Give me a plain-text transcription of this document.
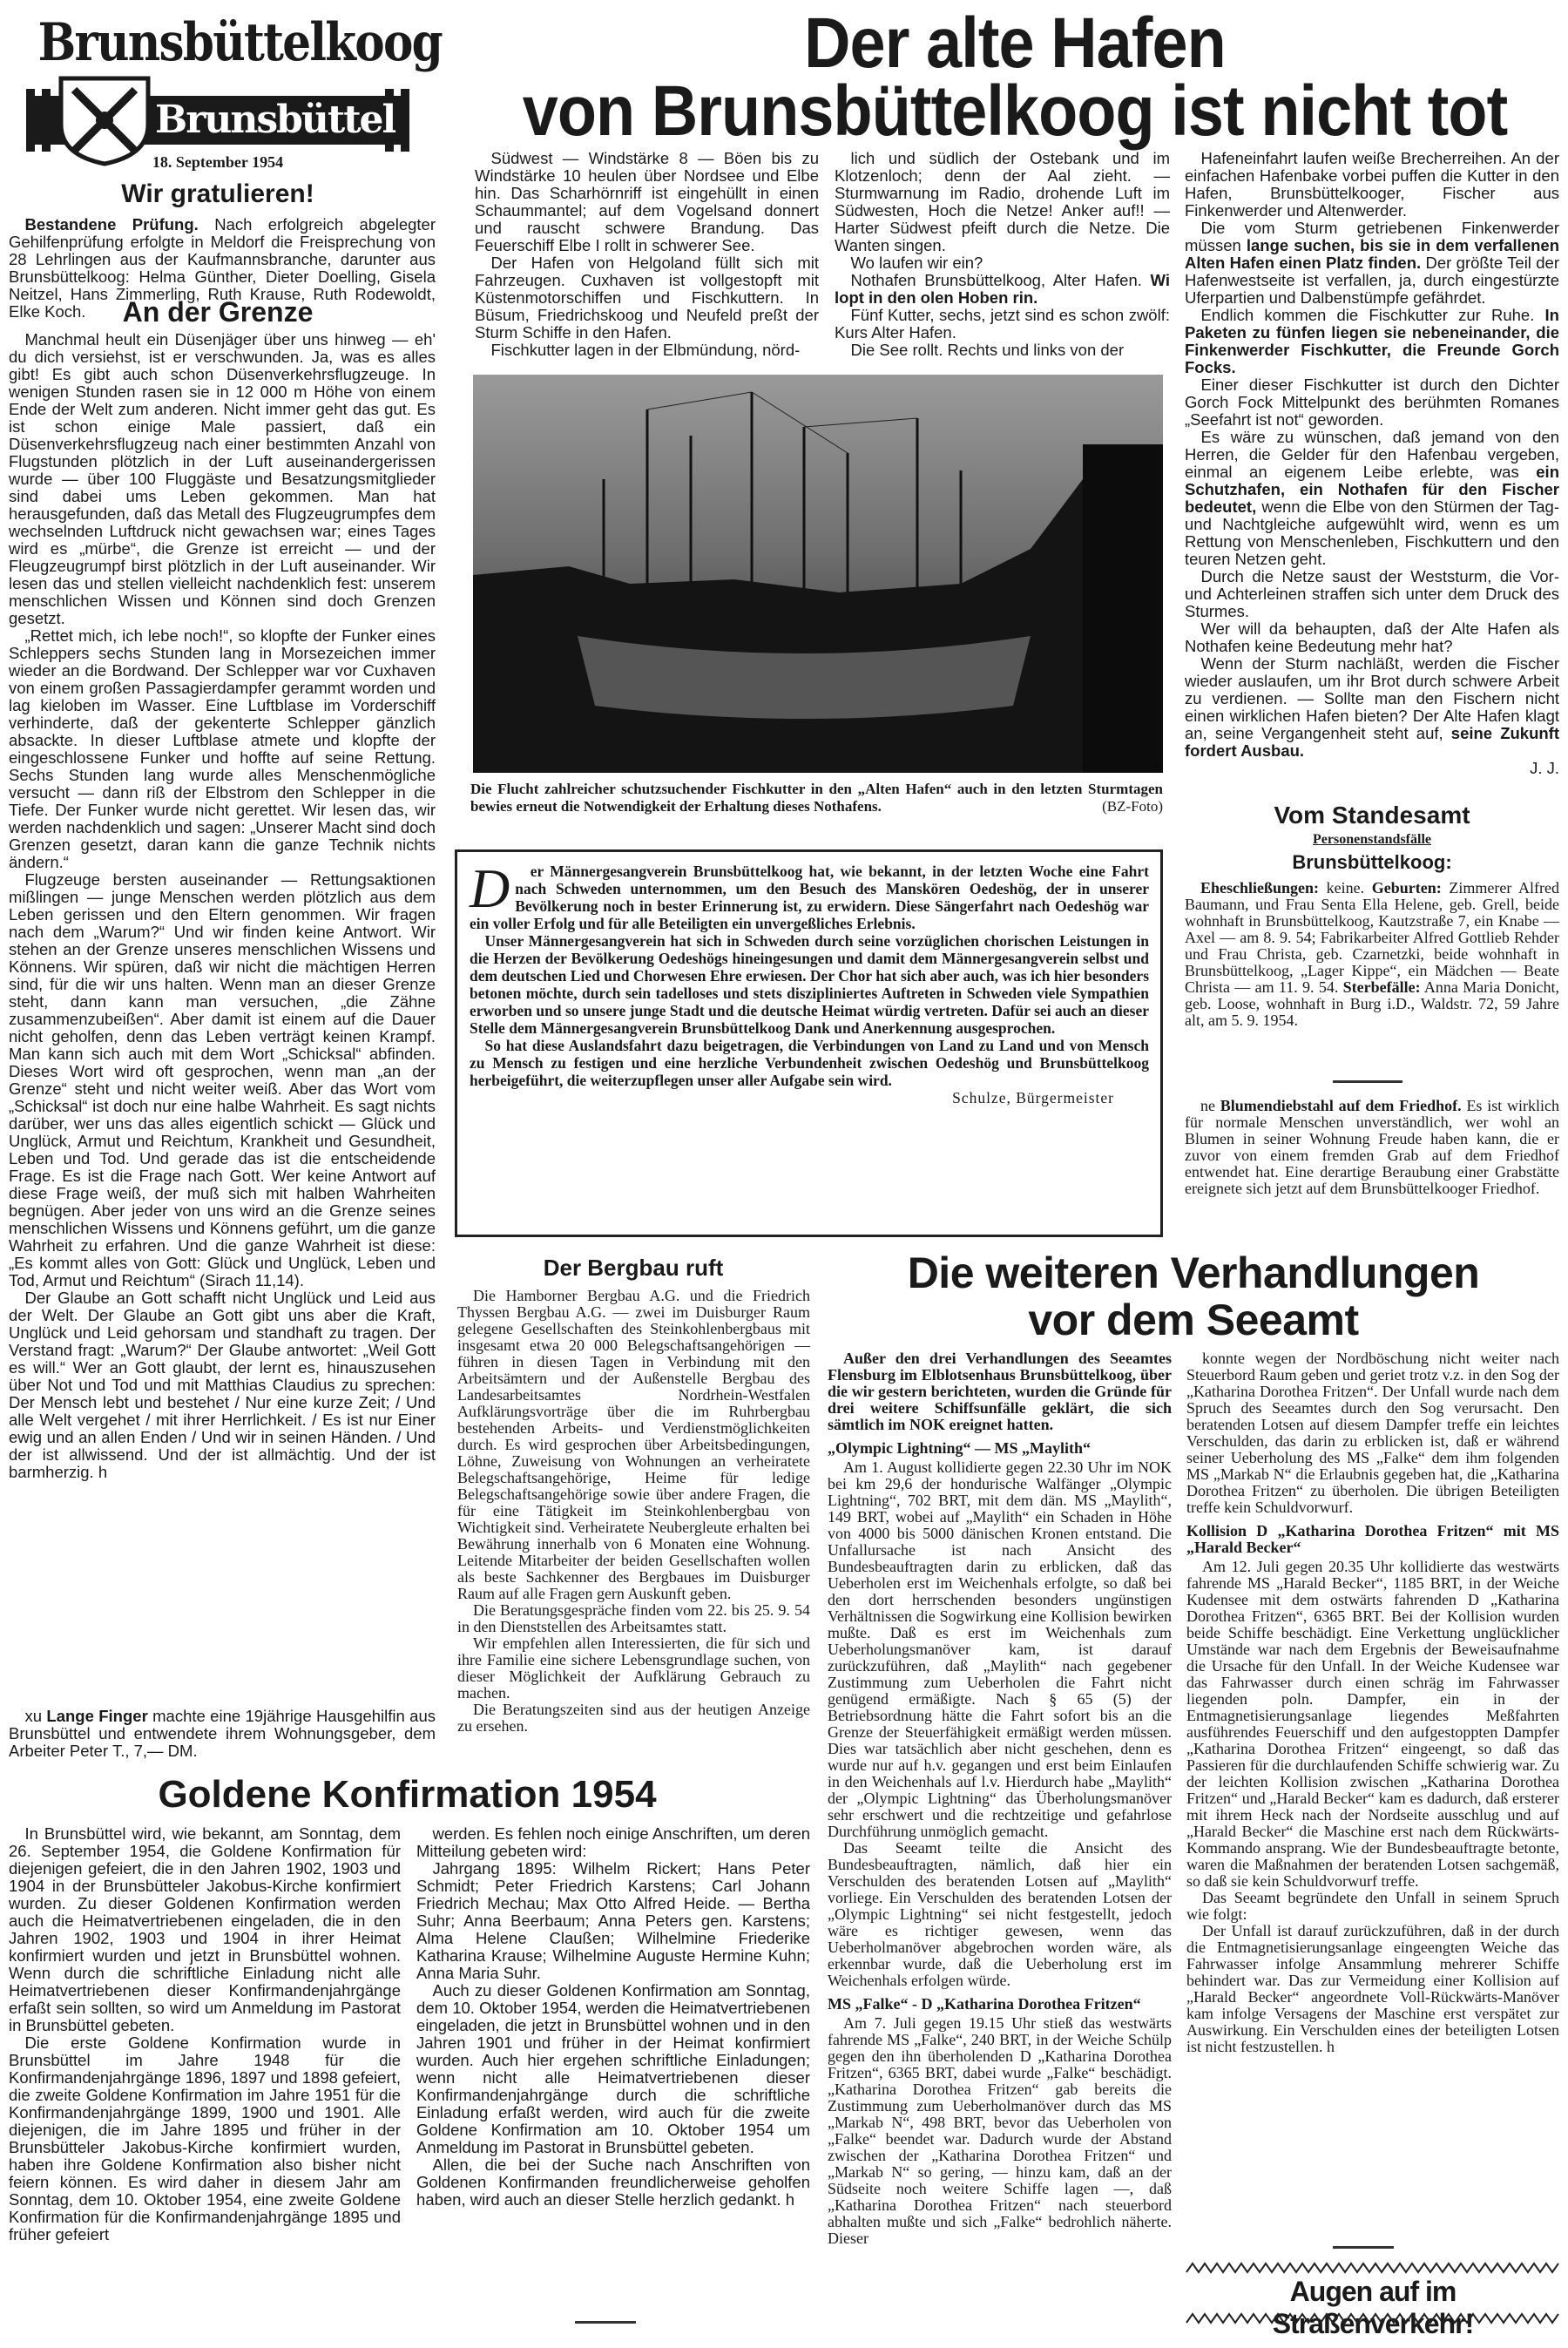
Brunsbüttelkoog
Brunsbüttel
18. September 1954
Wir gratulieren!

Bestandene Prüfung. Nach erfolgreich abgelegter Gehilfenprüfung erfolgte in Meldorf die Freisprechung von 28 Lehrlingen aus der Kaufmannsbranche, darunter aus Brunsbüttelkoog: Helma Günther, Dieter Doelling, Gisela Neitzel, Hans Zimmerling, Ruth Krause, Ruth Rodewoldt, Elke Koch.	An der Grenze

Manchmal heult ein Düsenjäger über uns hinweg — eh' du dich versiehst, ist er verschwunden. Ja, was es alles gibt! Es gibt auch schon Düsenverkehrsflugzeuge. In wenigen Stunden rasen sie in 12 000 m Höhe von einem Ende der Welt zum anderen. Nicht immer geht das gut. Es ist schon einige Male passiert, daß ein Düsenverkehrsflugzeug nach einer bestimmten Anzahl von Flugstunden plötzlich in der Luft auseinandergerissen wurde — über 100 Fluggäste und Besatzungsmitglieder sind dabei ums Leben gekommen. Man hat herausgefunden, daß das Metall des Flugzeugrumpfes dem wechselnden Luftdruck nicht gewachsen war; eines Tages wird es „mürbe“, die Grenze ist erreicht — und der Fleugzeugrumpf birst plötzlich in der Luft auseinander. Wir lesen das und stellen vielleicht nachdenklich fest: unserem menschlichen Wissen und Können sind doch Grenzen gesetzt.

„Rettet mich, ich lebe noch!“, so klopfte der Funker eines Schleppers sechs Stunden lang in Morsezeichen immer wieder an die Bordwand. Der Schlepper war vor Cuxhaven von einem großen Passagierdampfer gerammt worden und lag kieloben im Wasser. Eine Luftblase im Vorderschiff verhinderte, daß der gekenterte Schlepper gänzlich absackte. In dieser Luftblase atmete und klopfte der eingeschlossene Funker und hoffte auf seine Rettung. Sechs Stunden lang wurde alles Menschenmögliche versucht — dann riß der Elbstrom den Schlepper in die Tiefe. Der Funker wurde nicht gerettet. Wir lesen das, wir werden nachdenklich und sagen: „Unserer Macht sind doch Grenzen gesetzt, daran kann die ganze Technik nichts ändern.“

Flugzeuge bersten auseinander — Rettungsaktionen mißlingen — junge Menschen werden plötzlich aus dem Leben gerissen und den Eltern genommen. Wir fragen nach dem „Warum?“ Und wir finden keine Antwort. Wir stehen an der Grenze unseres menschlichen Wissens und Könnens. Wir spüren, daß wir nicht die mächtigen Herren sind, für die wir uns halten. Wenn man an dieser Grenze steht, dann kann man versuchen, „die Zähne zusammenzubeißen“. Aber damit ist einem auf die Dauer nicht geholfen, denn das Leben verträgt keinen Krampf. Man kann sich auch mit dem Wort „Schicksal“ abfinden. Dieses Wort wird oft gesprochen, wenn man „an der Grenze“ steht und nicht weiter weiß. Aber das Wort vom „Schicksal“ ist doch nur eine halbe Wahrheit. Es sagt nichts darüber, wer uns das alles eigentlich schickt — Glück und Unglück, Armut und Reichtum, Krankheit und Gesundheit, Leben und Tod. Und gerade das ist die entscheidende Frage. Es ist die Frage nach Gott. Wer keine Antwort auf diese Frage weiß, der muß sich mit halben Wahrheiten begnügen. Aber jeder von uns wird an die Grenze seines menschlichen Wissens und Könnens geführt, um die ganze Wahrheit zu erfahren. Und die ganze Wahrheit ist diese: „Es kommt alles von Gott: Glück und Unglück, Leben und Tod, Armut und Reichtum“ (Sirach 11,14).

Der Glaube an Gott schafft nicht Unglück und Leid aus der Welt. Der Glaube an Gott gibt uns aber die Kraft, Unglück und Leid gehorsam und standhaft zu tragen. Der Verstand fragt: „Warum?“ Der Glaube antwortet: „Weil Gott es will.“ Wer an Gott glaubt, der lernt es, hinauszusehen über Not und Tod und mit Matthias Claudius zu sprechen: Der Mensch lebt und bestehet / Nur eine kurze Zeit; / Und alle Welt vergehet / mit ihrer Herrlichkeit. / Es ist nur Einer ewig und an allen Enden / Und wir in seinen Händen. / Und der ist allwissend. Und der ist allmächtig. Und der ist barmherzig. h

xu Lange Finger machte eine 19jährige Hausgehilfin aus Brunsbüttel und entwendete ihrem Wohnungsgeber, dem Arbeiter Peter T., 7,— DM.

Der alte Hafen
von Brunsbüttelkoog ist nicht tot

Südwest — Windstärke 8 — Böen bis zu Windstärke 10 heulen über Nordsee und Elbe hin. Das Scharhörnriff ist eingehüllt in einen Schaummantel; auf dem Vogelsand donnert und rauscht schwere Brandung. Das Feuerschiff Elbe I rollt in schwerer See.

Der Hafen von Helgoland füllt sich mit Fahrzeugen. Cuxhaven ist vollgestopft mit Küstenmotorschiffen und Fischkuttern. In Büsum, Friedrichskoog und Neufeld preßt der Sturm Schiffe in den Hafen.

Fischkutter lagen in der Elbmündung, nörd-

lich und südlich der Ostebank und im Klotzenloch; denn der Aal zieht. — Sturmwarnung im Radio, drohende Luft im Südwesten, Hoch die Netze! Anker auf!! — Harter Südwest pfeift durch die Netze. Die Wanten singen.

Wo laufen wir ein?

Nothafen Brunsbüttelkoog, Alter Hafen. Wi lopt in den olen Hoben rin.

Fünf Kutter, sechs, jetzt sind es schon zwölf: Kurs Alter Hafen.

Die See rollt. Rechts und links von der

Hafeneinfahrt laufen weiße Brecherreihen. An der einfachen Hafenbake vorbei puffen die Kutter in den Hafen, Brunsbüttelkooger, Fischer aus Finkenwerder und Altenwerder.

Die vom Sturm getriebenen Finkenwerder müssen lange suchen, bis sie in dem verfallenen Alten Hafen einen Platz finden. Der größte Teil der Hafenwestseite ist verfallen, ja, durch eingestürzte Uferpartien und Dalbenstümpfe gefährdet.

Endlich kommen die Fischkutter zur Ruhe. In Paketen zu fünfen liegen sie nebeneinander, die Finkenwerder Fischkutter, die Freunde Gorch Focks.

Einer dieser Fischkutter ist durch den Dichter Gorch Fock Mittelpunkt des berühmten Romanes „Seefahrt ist not“ geworden.

Es wäre zu wünschen, daß jemand von den Herren, die Gelder für den Hafenbau vergeben, einmal an eigenem Leibe erlebte, was ein Schutzhafen, ein Nothafen für den Fischer bedeutet, wenn die Elbe von den Stürmen der Tag- und Nachtgleiche aufgewühlt wird, wenn es um Rettung von Menschenleben, Fischkuttern und den teuren Netzen geht.

Durch die Netze saust der Weststurm, die Vor- und Achterleinen straffen sich unter dem Druck des Sturmes.

Wer will da behaupten, daß der Alte Hafen als Nothafen keine Bedeutung mehr hat?

Wenn der Sturm nachläßt, werden die Fischer wieder auslaufen, um ihr Brot durch schwere Arbeit zu verdienen. — Sollte man den Fischern nicht einen wirklichen Hafen bieten? Der Alte Hafen klagt an, seine Vergangenheit steht auf, seine Zukunft fordert Ausbau.

J. J.

Die Flucht zahlreicher schutzsuchender Fischkutter in den „Alten Hafen“ auch in den letzten Sturmtagen bewies erneut die Notwendigkeit der Erhaltung dieses Nothafens.	(BZ-Foto)	Vom Standesamt
Personenstandsfälle
Brunsbüttelkoog:

Eheschließungen: keine. Geburten: Zimmerer Alfred Baumann, und Frau Senta Ella Helene, geb. Grell, beide wohnhaft in Brunsbüttelkoog, Kautzstraße 7, ein Knabe — Axel — am 8. 9. 54; Fabrikarbeiter Alfred Gottlieb Rehder und Frau Christa, geb. Czarnetzki, beide wohnhaft in Brunsbüttelkoog, „Lager Kippe“, ein Mädchen — Beate Christa — am 11. 9. 54. Sterbefälle: Anna Maria Donicht, geb. Loose, wohnhaft in Burg i.D., Waldstr. 72, 59 Jahre alt, am 5. 9. 1954.

ne Blumendiebstahl auf dem Friedhof. Es ist wirklich für normale Menschen unverständlich, wer wohl an Blumen in seiner Wohnung Freude haben kann, die er zuvor von einem fremden Grab auf dem Friedhof entwendet hat. Eine derartige Beraubung einer Grabstätte ereignete sich jetzt auf dem Brunsbüttelkooger Friedhof.

D	er Männergesangverein Brunsbüttelkoog hat, wie bekannt, in der letzten Woche eine Fahrt nach Schweden unternommen, um den Besuch des Manskören Oedeshög, der in unserer Bevölkerung noch in bester Erinnerung ist, zu erwidern. Diese Sängerfahrt nach Oedeshög war ein voller Erfolg und für alle Beteiligten ein unvergeßliches Erlebnis.

Unser Männergesangverein hat sich in Schweden durch seine vorzüglichen chorischen Leistungen in die Herzen der Bevölkerung Oedeshögs hineingesungen und damit dem Männergesangverein selbst und dem deutschen Lied und Chorwesen Ehre erwiesen. Der Chor hat sich aber auch, was ich hier besonders betonen möchte, durch sein tadelloses und stets diszipliniertes Auftreten in Schweden viele Sympathien erworben und so unsere junge Stadt und die deutsche Heimat würdig vertreten. Dafür sei auch an dieser Stelle dem Männergesangverein Brunsbüttelkoog Dank und Anerkennung ausgesprochen.

So hat diese Auslandsfahrt dazu beigetragen, die Verbindungen von Land zu Land und von Mensch zu Mensch zu festigen und eine herzliche Verbundenheit zwischen Oedeshög und Brunsbüttelkoog herbeigeführt, die weiterzupflegen unser aller Aufgabe sein wird.

Schulze, Bürgermeister
Der Bergbau ruft

Die Hamborner Bergbau A.G. und die Friedrich Thyssen Bergbau A.G. — zwei im Duisburger Raum gelegene Gesellschaften des Steinkohlenbergbaus mit insgesamt etwa 20 000 Belegschaftsangehörigen — führen in diesen Tagen in Verbindung mit den Arbeitsämtern und der Außenstelle Bergbau des Landesarbeitsamtes Nordrhein-Westfalen Aufklärungsvorträge über die im Ruhrbergbau bestehenden Arbeits- und Verdienstmöglichkeiten durch. Es wird gesprochen über Arbeitsbedingungen, Löhne, Zuweisung von Wohnungen an verheiratete Belegschaftsangehörige, Heime für ledige Belegschaftsangehörige sowie über andere Fragen, die für eine Tätigkeit im Steinkohlenbergbau von Wichtigkeit sind. Verheiratete Neubergleute erhalten bei Bewährung innerhalb von 6 Monaten eine Wohnung. Leitende Mitarbeiter der beiden Gesellschaften wollen als beste Sachkenner des Bergbaues im Duisburger Raum auf alle Fragen gern Auskunft geben.

Die Beratungsgespräche finden vom 22. bis 25. 9. 54 in den Dienststellen des Arbeitsamtes statt.

Wir empfehlen allen Interessierten, die für sich und ihre Familie eine sichere Lebensgrundlage suchen, von dieser Möglichkeit der Aufklärung Gebrauch zu machen.

Die Beratungszeiten sind aus der heutigen Anzeige zu ersehen.

Die weiteren Verhandlungen
vor dem Seeamt

Außer den drei Verhandlungen des Seeamtes Flensburg im Elblotsenhaus Brunsbüttelkoog, über die wir gestern berichteten, wurden die Gründe für drei weitere Schiffsunfälle geklärt, die sich sämtlich im NOK ereignet hatten.

„Olympic Lightning“ — MS „Maylith“

Am 1. August kollidierte gegen 22.30 Uhr im NOK bei km 29,6 der hondurische Walfänger „Olympic Lightning“, 702 BRT, mit dem dän. MS „Maylith“, 149 BRT, wobei auf „Maylith“ ein Schaden in Höhe von 4000 bis 5000 dänischen Kronen entstand. Die Unfallursache ist nach Ansicht des Bundesbeauftragten darin zu erblicken, daß das Ueberholen erst im Weichenhals erfolgte, so daß bei den dort herrschenden besonders ungünstigen Verhältnissen die Sogwirkung eine Kollision bewirken mußte. Daß es erst im Weichenhals zum Ueberholungsmanöver kam, ist darauf zurückzuführen, daß „Maylith“ nach gegebener Zustimmung zum Ueberholen die Fahrt nicht genügend ermäßigte. Nach § 65 (5) der Betriebsordnung hätte die Fahrt sofort bis an die Grenze der Steuerfähigkeit ermäßigt werden müssen. Dies war tatsächlich aber nicht geschehen, denn es wurde nur auf h.v. gegangen und erst beim Einlaufen in den Weichenhals auf l.v. Hierdurch habe „Maylith“ der „Olympic Lightning“ das Überholungsmanöver sehr erschwert und die rechtzeitige und gefahrlose Durchführung unmöglich gemacht.

Das Seeamt teilte die Ansicht des Bundesbeauftragten, nämlich, daß hier ein Verschulden des beratenden Lotsen auf „Maylith“ vorliege. Ein Verschulden des beratenden Lotsen der „Olympic Lightning“ sei nicht festgestellt, jedoch wäre es richtiger gewesen, wenn das Ueberholmanöver abgebrochen worden wäre, als erkennbar wurde, daß die Ueberholung erst im Weichenhals erfolgen würde.

MS „Falke“ - D „Katharina Dorothea Fritzen“

Am 7. Juli gegen 19.15 Uhr stieß das westwärts fahrende MS „Falke“, 240 BRT, in der Weiche Schülp gegen den ihn überholenden D „Katharina Dorothea Fritzen“, 6365 BRT, dabei wurde „Falke“ beschädigt. „Katharina Dorothea Fritzen“ gab bereits die Zustimmung zum Ueberholmanöver durch das MS „Markab N“, 498 BRT, bevor das Ueberholen von „Falke“ beendet war. Dadurch wurde der Abstand zwischen der „Katharina Dorothea Fritzen“ und „Markab N“ so gering, — hinzu kam, daß an der Südseite noch weitere Schiffe lagen —, daß „Katharina Dorothea Fritzen“ nach steuerbord abhalten mußte und sich „Falke“ bedrohlich näherte. Dieser

konnte wegen der Nordböschung nicht weiter nach Steuerbord Raum geben und geriet trotz v.z. in den Sog der „Katharina Dorothea Fritzen“. Der Unfall wurde nach dem Spruch des Seeamtes durch den Sog verursacht. Den beratenden Lotsen auf diesem Dampfer treffe ein leichtes Verschulden, das darin zu erblicken ist, daß er während seiner Ueberholung des MS „Falke“ dem ihm folgenden MS „Markab N“ die Erlaubnis gegeben hat, die „Katharina Dorothea Fritzen“ zu überholen. Die übrigen Beteiligten treffe kein Schuldvorwurf.

Kollision D „Katharina Dorothea Fritzen“ mit MS „Harald Becker“

Am 12. Juli gegen 20.35 Uhr kollidierte das westwärts fahrende MS „Harald Becker“, 1185 BRT, in der Weiche Kudensee mit dem ostwärts fahrenden D „Katharina Dorothea Fritzen“, 6365 BRT. Bei der Kollision wurden beide Schiffe beschädigt. Eine Verkettung unglücklicher Umstände war nach dem Ergebnis der Beweisaufnahme die Ursache für den Unfall. In der Weiche Kudensee war das Fahrwasser durch einen schräg im Fahrwasser liegenden poln. Dampfer, ein in der Entmagnetisierungsanlage liegendes Meßfahrten ausführendes Feuerschiff und den aufgestoppten Dampfer „Katharina Dorothea Fritzen“ eingeengt, so daß das Passieren für die durchlaufenden Schiffe schwierig war. Zu der leichten Kollision zwischen „Katharina Dorothea Fritzen“ und „Harald Becker“ kam es dadurch, daß ersterer mit ihrem Heck nach der Nordseite ausschlug und auf „Harald Becker“ die Maschine erst nach dem Rückwärts-Kommando ansprang. Wie der Bundesbeauftragte betonte, waren die Maßnahmen der beratenden Lotsen sachgemäß, so daß sie kein Schuldvorwurf treffe.

Das Seeamt begründete den Unfall in seinem Spruch wie folgt:

Der Unfall ist darauf zurückzuführen, daß in der durch die Entmagnetisierungsanlage eingeengten Weiche das Fahrwasser infolge Ansammlung mehrerer Schiffe behindert war. Das zur Vermeidung einer Kollision auf „Harald Becker“ angeordnete Voll-Rückwärts-Manöver kam infolge Versagens der Maschine erst verspätet zur Auswirkung. Ein Verschulden eines der beteiligten Lotsen ist nicht festzustellen. h

Augen auf im Straßenverkehr!
Goldene Konfirmation 1954

In Brunsbüttel wird, wie bekannt, am Sonntag, dem 26. September 1954, die Goldene Konfirmation für diejenigen gefeiert, die in den Jahren 1902, 1903 und 1904 in der Brunsbütteler Jakobus-Kirche konfirmiert wurden. Zu dieser Goldenen Konfirmation werden auch die Heimatvertriebenen eingeladen, die in den Jahren 1902, 1903 und 1904 in ihrer Heimat konfirmiert wurden und jetzt in Brunsbüttel wohnen. Wenn durch die schriftliche Einladung nicht alle Heimatvertriebenen dieser Konfirmandenjahrgänge erfaßt sein sollten, so wird um Anmeldung im Pastorat in Brunsbüttel gebeten.

Die erste Goldene Konfirmation wurde in Brunsbüttel im Jahre 1948 für die Konfirmandenjahrgänge 1896, 1897 und 1898 gefeiert, die zweite Goldene Konfirmation im Jahre 1951 für die Konfirmandenjahrgänge 1899, 1900 und 1901. Alle diejenigen, die im Jahre 1895 und früher in der Brunsbütteler Jakobus-Kirche konfirmiert wurden, haben ihre Goldene Konfirmation also bisher nicht feiern können. Es wird daher in diesem Jahr am Sonntag, dem 10. Oktober 1954, eine zweite Goldene Konfirmation für die Konfirmandenjahrgänge 1895 und früher gefeiert

werden. Es fehlen noch einige Anschriften, um deren Mitteilung gebeten wird:

Jahrgang 1895: Wilhelm Rickert; Hans Peter Schmidt; Peter Friedrich Karstens; Carl Johann Friedrich Mechau; Max Otto Alfred Heide. — Bertha Suhr; Anna Beerbaum; Anna Peters gen. Karstens; Alma Helene Claußen; Wilhelmine Friederike Katharina Krause; Wilhelmine Auguste Hermine Kuhn; Anna Maria Suhr.

Auch zu dieser Goldenen Konfirmation am Sonntag, dem 10. Oktober 1954, werden die Heimatvertriebenen eingeladen, die jetzt in Brunsbüttel wohnen und in den Jahren 1901 und früher in der Heimat konfirmiert wurden. Auch hier ergehen schriftliche Einladungen; wenn nicht alle Heimatvertriebenen dieser Konfirmandenjahrgänge durch die schriftliche Einladung erfaßt werden, wird auch für die zweite Goldene Konfirmation am 10. Oktober 1954 um Anmeldung im Pastorat in Brunsbüttel gebeten.

Allen, die bei der Suche nach Anschriften von Goldenen Konfirmanden freundlicherweise geholfen haben, wird auch an dieser Stelle herzlich gedankt. h
